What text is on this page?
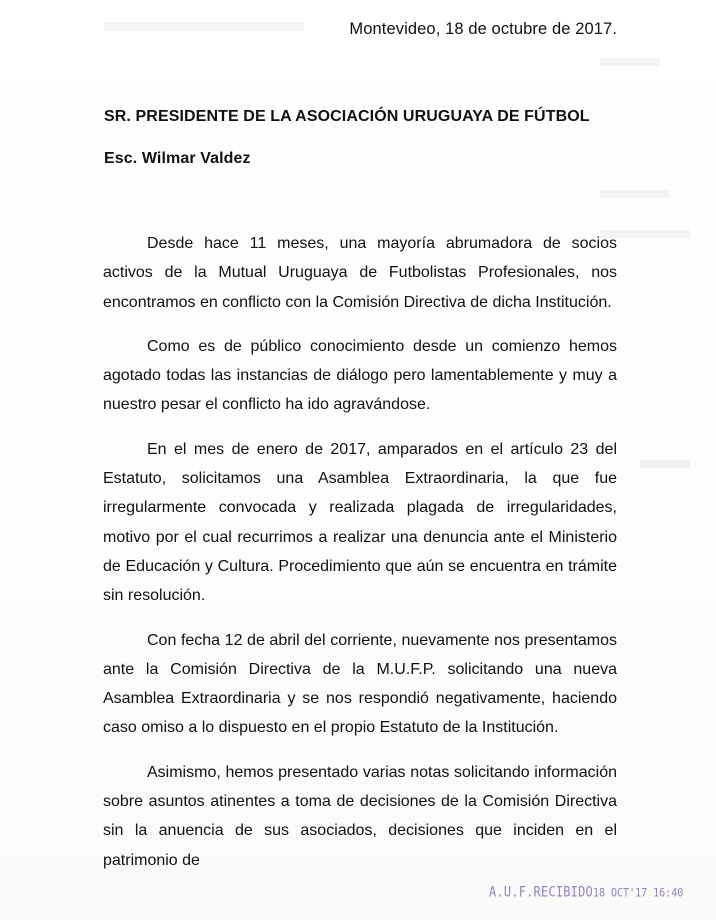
Montevideo, 18 de octubre de 2017.
SR. PRESIDENTE DE LA ASOCIACIÓN URUGUAYA DE FÚTBOL
Esc. Wilmar Valdez

Desde hace 11 meses, una mayoría abrumadora de socios activos de la Mutual Uruguaya de Futbolistas Profesionales, nos encontramos en conflicto con la Comisión Directiva de dicha Institución.

Como es de público conocimiento desde un comienzo hemos agotado todas las instancias de diálogo pero lamentablemente y muy a nuestro pesar el conflicto ha ido agravándose.

En el mes de enero de 2017, amparados en el artículo 23 del Estatuto, solicitamos una Asamblea Extraordinaria, la que fue irregularmente convocada y realizada plagada de irregularidades, motivo por el cual recurrimos a realizar una denuncia ante el Ministerio de Educación y Cultura. Procedimiento que aún se encuentra en trámite sin resolución.

Con fecha 12 de abril del corriente, nuevamente nos presentamos ante la Comisión Directiva de la M.U.F.P. solicitando una nueva Asamblea Extraordinaria y se nos respondió negativamente, haciendo caso omiso a lo dispuesto en el propio Estatuto de la Institución.

Asimismo, hemos presentado varias notas solicitando información sobre asuntos atinentes a toma de decisiones de la Comisión Directiva sin la anuencia de sus asociados, decisiones que inciden en el patrimonio de

A.U.F.RECIBIDO18 OCT'17 16:40
